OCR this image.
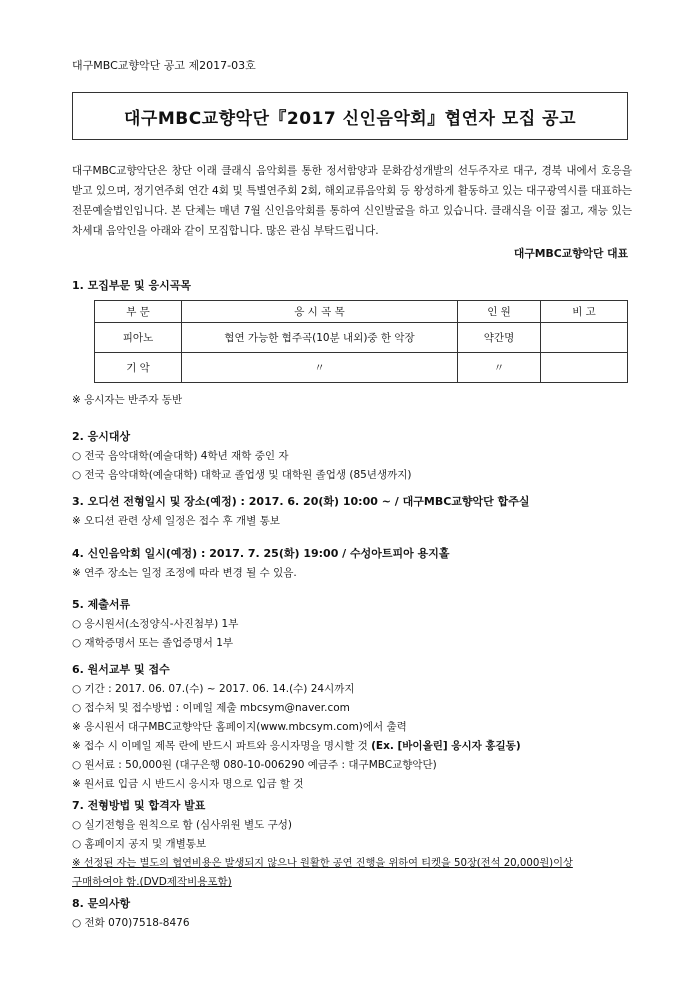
대구MBC교향악단 공고 제2017-03호
대구MBC교향악단『2017 신인음악회』협연자 모집 공고
대구MBC교향악단은 창단 이래 클래식 음악회를 통한 정서함양과 문화감성개발의 선두주자로 대구, 경북 내에서 호응을 받고 있으며, 정기연주회 연간 4회 및 특별연주회 2회, 해외교류음악회 등 왕성하게 활동하고 있는 대구광역시를 대표하는 전문예술법인입니다. 본 단체는 매년 7월 신인음악회를 통하여 신인발굴을 하고 있습니다. 클래식을 이끌 젊고, 재능 있는 차세대 음악인을 아래와 같이 모집합니다. 많은 관심 부탁드립니다.
대구MBC교향악단 대표
1. 모집부문 및 응시곡목
부 문	응 시 곡 목	인 원	비 고
피아노	협연 가능한 협주곡(10분 내외)중 한 악장	약간명	
기 악	〃	〃	
※ 응시자는 반주자 동반
2. 응시대상
○ 전국 음악대학(예술대학) 4학년 재학 중인 자
○ 전국 음악대학(예술대학) 대학교 졸업생 및 대학원 졸업생 (85년생까지)
3. 오디션 전형일시 및 장소(예정) : 2017. 6. 20(화) 10:00 ~ / 대구MBC교향악단 합주실
※ 오디션 관련 상세 일정은 접수 후 개별 통보
4. 신인음악회 일시(예정) : 2017. 7. 25(화) 19:00 / 수성아트피아 용지홀
※ 연주 장소는 일정 조정에 따라 변경 될 수 있음.
5. 제출서류
○ 응시원서(소정양식-사진첨부) 1부
○ 재학증명서 또는 졸업증명서 1부
6. 원서교부 및 접수
○ 기간 : 2017. 06. 07.(수) ~ 2017. 06. 14.(수) 24시까지
○ 접수처 및 접수방법 : 이메일 제출 mbcsym@naver.com
※ 응시원서 대구MBC교향악단 홈페이지(www.mbcsym.com)에서 출력
※ 접수 시 이메일 제목 란에 반드시 파트와 응시자명을 명시할 것 (Ex. [바이올린] 응시자 홍길동)
○ 원서료 : 50,000원 (대구은행 080-10-006290 예금주 : 대구MBC교향악단)
※ 원서료 입금 시 반드시 응시자 명으로 입금 할 것
7. 전형방법 및 합격자 발표
○ 실기전형을 원칙으로 함 (심사위원 별도 구성)
○ 홈페이지 공지 및 개별통보
※ 선정된 자는 별도의 협연비용은 발생되지 않으나 원활한 공연 진행을 위하여 티켓을 50장(전석 20,000원)이상
구매하여야 함.(DVD제작비용포함)
8. 문의사항
○ 전화 070)7518-8476
